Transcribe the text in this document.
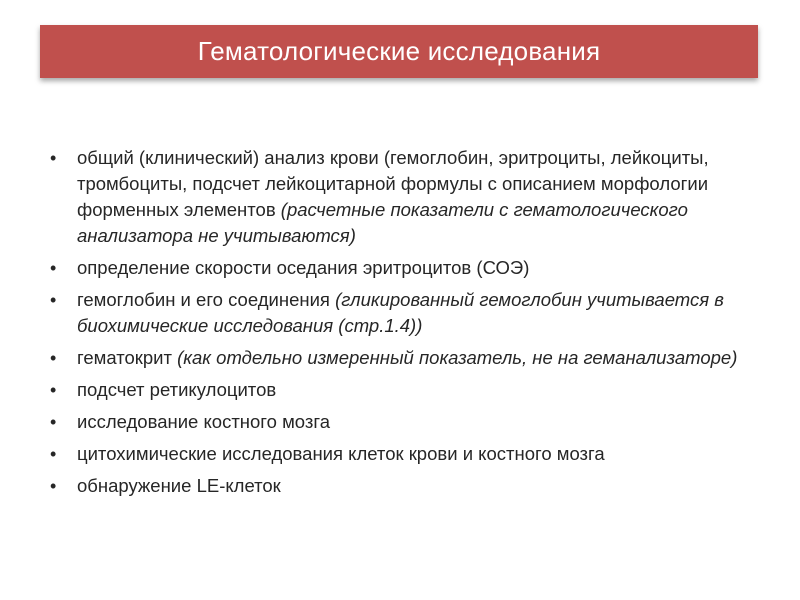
Гематологические исследования
• общий (клинический) анализ крови (гемоглобин, эритроциты, лейкоциты, тромбоциты, подсчет лейкоцитарной формулы с описанием морфологии форменных элементов (расчетные показатели с гематологического анализатора не учитываются)
• определение скорости оседания эритроцитов (СОЭ)
• гемоглобин и его соединения (гликированный гемоглобин учитывается в биохимические исследования (стр.1.4))
• гематокрит (как отдельно измеренный показатель, не на геманализаторе)
• подсчет ретикулоцитов
• исследование костного мозга
• цитохимические исследования клеток крови и костного мозга
• обнаружение LE-клеток
